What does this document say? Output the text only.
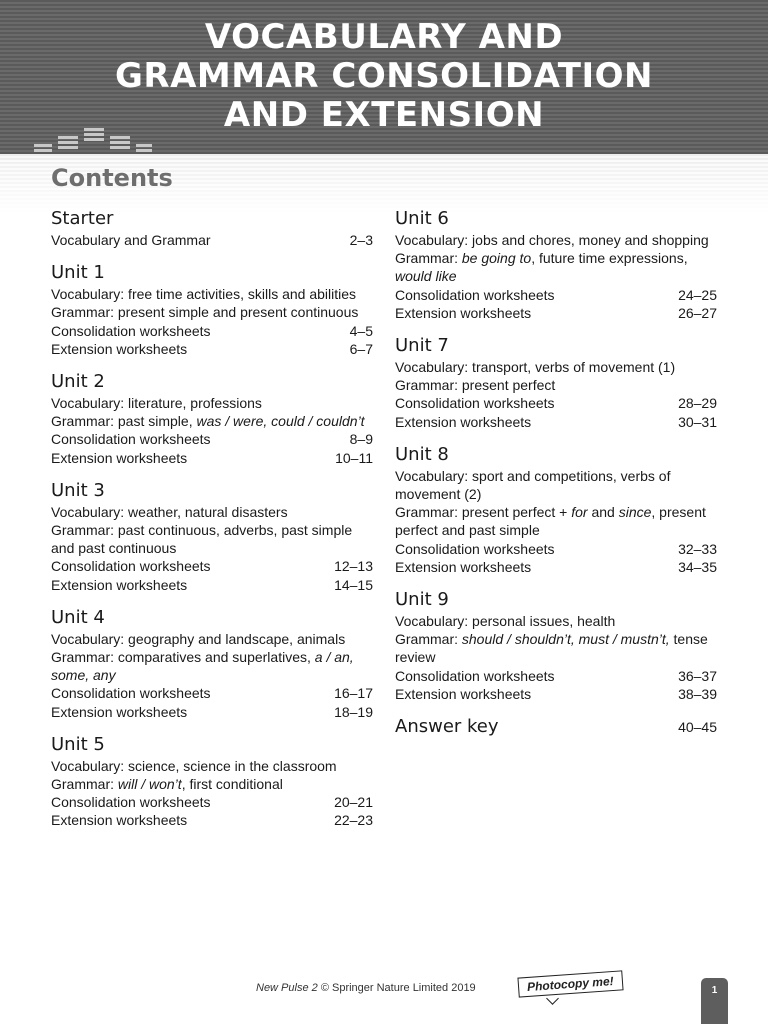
VOCABULARY AND
GRAMMAR CONSOLIDATION
AND EXTENSION
Contents
Starter
Vocabulary and Grammar	2–3
Unit 1
Vocabulary: free time activities, skills and abilities
Grammar: present simple and present continuous
Consolidation worksheets	4–5
Extension worksheets	6–7
Unit 2
Vocabulary: literature, professions
Grammar: past simple, was / were, could / couldn’t
Consolidation worksheets	8–9
Extension worksheets	10–11
Unit 3
Vocabulary: weather, natural disasters
Grammar: past continuous, adverbs, past simple and past continuous
Consolidation worksheets	12–13
Extension worksheets	14–15
Unit 4
Vocabulary: geography and landscape, animals
Grammar: comparatives and superlatives, a / an, some, any
Consolidation worksheets	16–17
Extension worksheets	18–19
Unit 5
Vocabulary: science, science in the classroom
Grammar: will / won’t, first conditional
Consolidation worksheets	20–21
Extension worksheets	22–23
Unit 6
Vocabulary: jobs and chores, money and shopping
Grammar: be going to, future time expressions, would like
Consolidation worksheets	24–25
Extension worksheets	26–27
Unit 7
Vocabulary: transport, verbs of movement (1)
Grammar: present perfect
Consolidation worksheets	28–29
Extension worksheets	30–31
Unit 8
Vocabulary: sport and competitions, verbs of movement (2)
Grammar: present perfect + for and since, present perfect and past simple
Consolidation worksheets	32–33
Extension worksheets	34–35
Unit 9
Vocabulary: personal issues, health
Grammar: should / shouldn’t, must / mustn’t, tense review
Consolidation worksheets	36–37
Extension worksheets	38–39
Answer key	40–45
New Pulse 2 © Springer Nature Limited 2019	Photocopy me!	1
